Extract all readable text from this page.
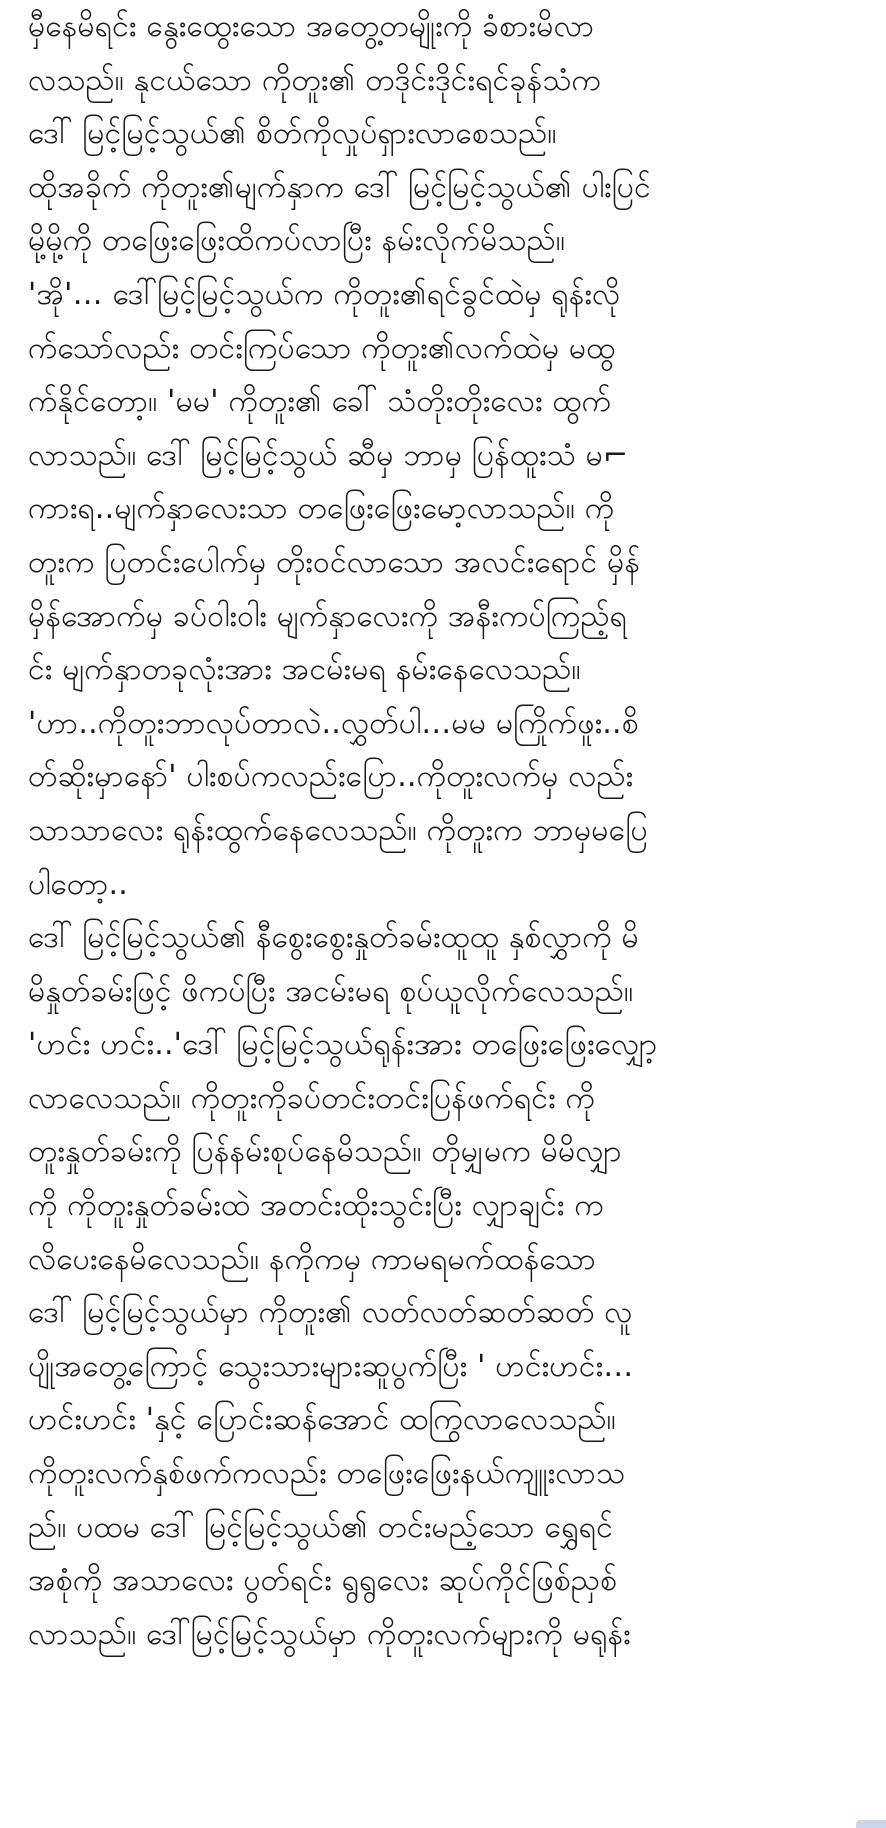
မှီနေမိရင်း နွေးထွေးသော အတွေ့တမျိုးကို ခံစားမိလာ
လသည်။ နုငယ်သော ကိုတူး၏ တဒိုင်းဒိုင်းရင်ခုန်သံက
ဒေါ် မြင့်မြင့်သွယ်၏ စိတ်ကိုလှုပ်ရှားလာစေသည်။
ထိုအခိုက် ကိုတူး၏မျက်နှာက ဒေါ် မြင့်မြင့်သွယ်၏ ပါးပြင်
မို့မို့ကို တဖြေးဖြေးထိကပ်လာပြီး နမ်းလိုက်မိသည်။
'အို'… ဒေါ်မြင့်မြင့်သွယ်က ကိုတူး၏ရင်ခွင်ထဲမှ ရုန်းလို
က်သော်လည်း တင်းကြပ်သော ကိုတူး၏လက်ထဲမှ မထွ
က်နိုင်တော့။ 'မမ' ကိုတူး၏ ခေါ် သံတိုးတိုးလေး ထွက်
လာသည်။ ဒေါ် မြင့်မြင့်သွယ် ဆီမှ ဘာမှ ပြန်ထူးသံ မ⌐
ကားရ..မျက်နှာလေးသာ တဖြေးဖြေးမော့လာသည်။ ကို
တူးက ပြတင်းပေါက်မှ တိုးဝင်လာသော အလင်းရောင် မှိန်
မှိန်အောက်မှ ခပ်ဝါးဝါး မျက်နှာလေးကို အနီးကပ်ကြည့်ရ
င်း မျက်နှာတခုလုံးအား အငမ်းမရ နမ်းနေလေသည်။
'ဟာ..ကိုတူးဘာလုပ်တာလဲ..လွှတ်ပါ…မမ မကြိုက်ဖူး..စိ
တ်ဆိုးမှာနော်' ပါးစပ်ကလည်းပြော..ကိုတူးလက်မှ လည်း
သာသာလေး ရုန်းထွက်နေလေသည်။ ကိုတူးက ဘာမှမပြေ
ပါတော့..
ဒေါ် မြင့်မြင့်သွယ်၏ နီစွေးစွေးနှုတ်ခမ်းထူထူ နှစ်လွှာကို မိ
မိနှုတ်ခမ်းဖြင့် ဖိကပ်ပြီး အငမ်းမရ စုပ်ယူလိုက်လေသည်။
'ဟင်း ဟင်း..'ဒေါ် မြင့်မြင့်သွယ်ရုန်းအား တဖြေးဖြေးလျှော့
လာလေသည်။ ကိုတူးကိုခပ်တင်းတင်းပြန်ဖက်ရင်း ကို
တူးနှုတ်ခမ်းကို ပြန်နမ်းစုပ်နေမိသည်။ တိုမျှမက မိမိလျှာ
ကို ကိုတူးနှုတ်ခမ်းထဲ အတင်းထိုးသွင်းပြီး လျှာချင်း က
လိပေးနေမိလေသည်။ နကိုကမှ ကာမရမက်ထန်သော
ဒေါ် မြင့်မြင့်သွယ်မှာ ကိုတူး၏ လတ်လတ်ဆတ်ဆတ် လူ
ပျိုအတွေ့ကြောင့် သွေးသားများဆူပွက်ပြီး ' ဟင်းဟင်း…
ဟင်းဟင်း 'နှင့် ပြောင်းဆန်အောင် ထကြွလာလေသည်။
ကိုတူးလက်နှစ်ဖက်ကလည်း တဖြေးဖြေးနယ်ကျူးလာသ
ည်။ ပထမ ဒေါ် မြင့်မြင့်သွယ်၏ တင်းမည့်သော ရွှေရင်
အစုံကို အသာလေး ပွတ်ရင်း ရွရွလေး ဆုပ်ကိုင်ဖြစ်ညှစ်
လာသည်။ ဒေါ်မြင့်မြင့်သွယ်မှာ ကိုတူးလက်များကို မရုန်း
